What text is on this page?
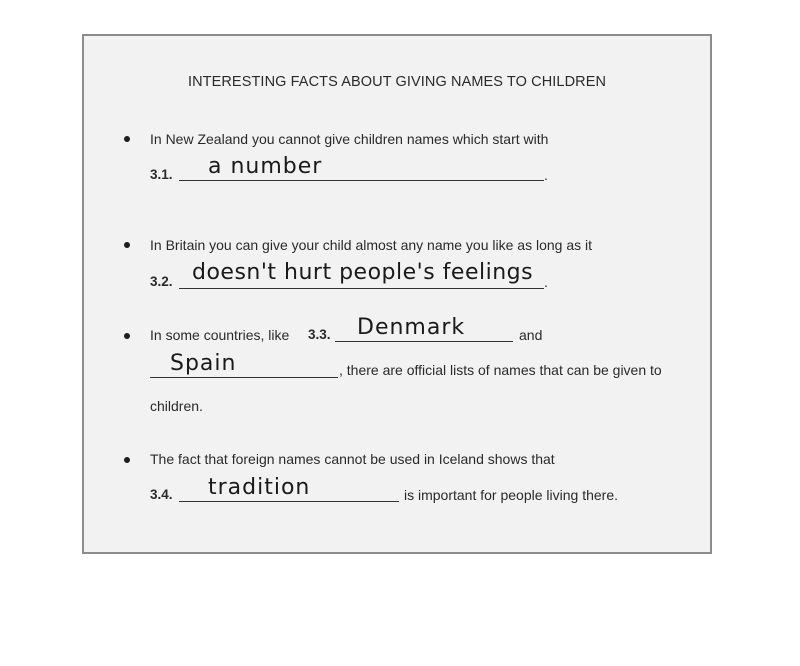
INTERESTING FACTS ABOUT GIVING NAMES TO CHILDREN
In New Zealand you cannot give children names which start with
3.1. a number	.
In Britain you can give your child almost any name you like as long as it
3.2. doesn't hurt people's feelings .
In some countries, like 3.3. Denmark	and
Spain	, there are official lists of names that can be given to
children.
The fact that foreign names cannot be used in Iceland shows that
3.4. tradition	is important for people living there.
